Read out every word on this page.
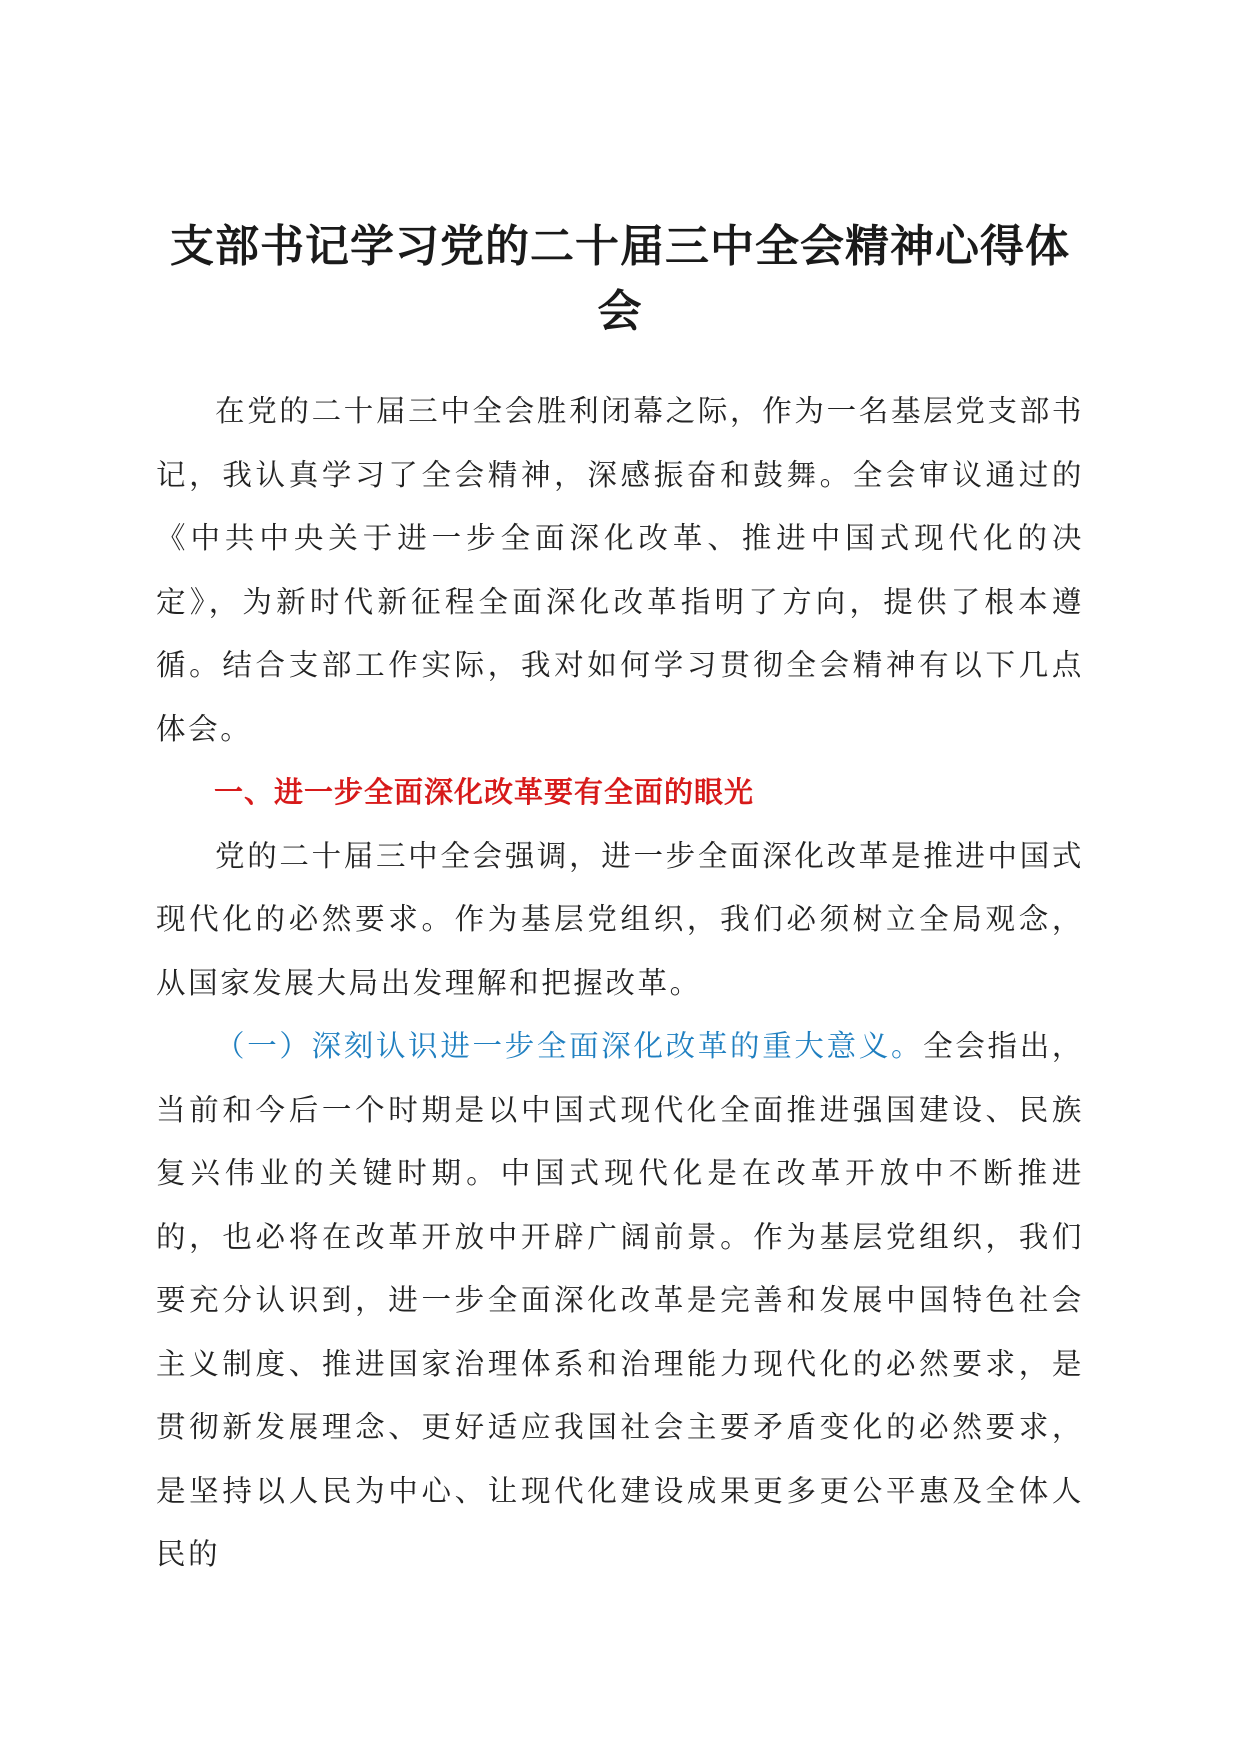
支部书记学习党的二十届三中全会精神心得体会

在党的二十届三中全会胜利闭幕之际，作为一名基层党支部书记，我认真学习了全会精神，深感振奋和鼓舞。全会审议通过的《中共中央关于进一步全面深化改革、推进中国式现代化的决定》，为新时代新征程全面深化改革指明了方向，提供了根本遵循。结合支部工作实际，我对如何学习贯彻全会精神有以下几点体会。

一、进一步全面深化改革要有全面的眼光

党的二十届三中全会强调，进一步全面深化改革是推进中国式现代化的必然要求。作为基层党组织，我们必须树立全局观念，从国家发展大局出发理解和把握改革。

（一）深刻认识进一步全面深化改革的重大意义。全会指出，当前和今后一个时期是以中国式现代化全面推进强国建设、民族复兴伟业的关键时期。中国式现代化是在改革开放中不断推进的，也必将在改革开放中开辟广阔前景。作为基层党组织，我们要充分认识到，进一步全面深化改革是完善和发展中国特色社会主义制度、推进国家治理体系和治理能力现代化的必然要求，是贯彻新发展理念、更好适应我国社会主要矛盾变化的必然要求，是坚持以人民为中心、让现代化建设成果更多更公平惠及全体人民的
